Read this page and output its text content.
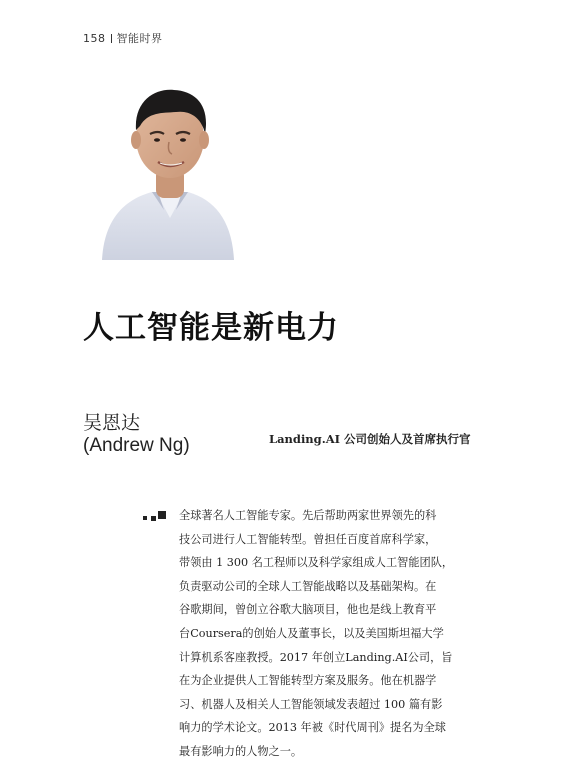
158 智能时界
人工智能是新电力
吴恩达
(Andrew Ng)	Landing.AI 公司创始人及首席执行官
全球著名人工智能专家。先后帮助两家世界领先的科
技公司进行人工智能转型。曾担任百度首席科学家，
带领由 1 300 名工程师以及科学家组成人工智能团队，
负责驱动公司的全球人工智能战略以及基础架构。在
谷歌期间，曾创立谷歌大脑项目，他也是线上教育平
台Coursera的创始人及董事长，以及美国斯坦福大学
计算机系客座教授。2017 年创立Landing.AI公司，旨
在为企业提供人工智能转型方案及服务。他在机器学
习、机器人及相关人工智能领域发表超过 100 篇有影
响力的学术论文。2013 年被《时代周刊》提名为全球
最有影响力的人物之一。
